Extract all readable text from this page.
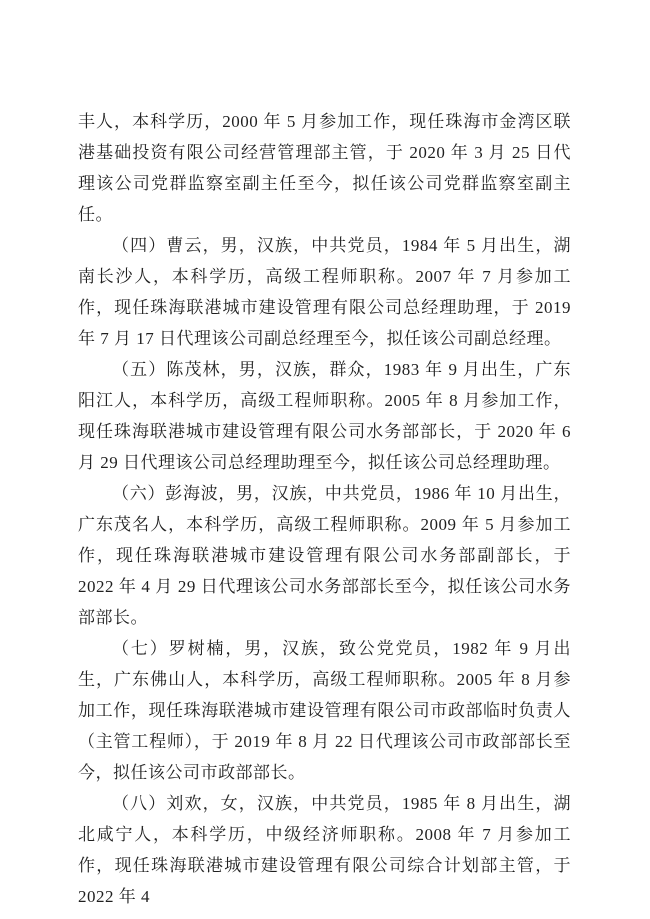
丰人，本科学历，2000 年 5 月参加工作，现任珠海市金湾区联港基础投资有限公司经营管理部主管，于 2020 年 3 月 25 日代理该公司党群监察室副主任至今，拟任该公司党群监察室副主任。

（四）曹云，男，汉族，中共党员，1984 年 5 月出生，湖南长沙人，本科学历，高级工程师职称。2007 年 7 月参加工作，现任珠海联港城市建设管理有限公司总经理助理，于 2019 年 7 月 17 日代理该公司副总经理至今，拟任该公司副总经理。

（五）陈茂林，男，汉族，群众，1983 年 9 月出生，广东阳江人，本科学历，高级工程师职称。2005 年 8 月参加工作，现任珠海联港城市建设管理有限公司水务部部长，于 2020 年 6 月 29 日代理该公司总经理助理至今，拟任该公司总经理助理。

（六）彭海波，男，汉族，中共党员，1986 年 10 月出生，广东茂名人，本科学历，高级工程师职称。2009 年 5 月参加工作，现任珠海联港城市建设管理有限公司水务部副部长，于 2022 年 4 月 29 日代理该公司水务部部长至今，拟任该公司水务部部长。

（七）罗树楠，男，汉族，致公党党员，1982 年 9 月出生，广东佛山人，本科学历，高级工程师职称。2005 年 8 月参加工作，现任珠海联港城市建设管理有限公司市政部临时负责人（主管工程师），于 2019 年 8 月 22 日代理该公司市政部部长至今，拟任该公司市政部部长。

（八）刘欢，女，汉族，中共党员，1985 年 8 月出生，湖北咸宁人，本科学历，中级经济师职称。2008 年 7 月参加工作，现任珠海联港城市建设管理有限公司综合计划部主管，于 2022 年 4
